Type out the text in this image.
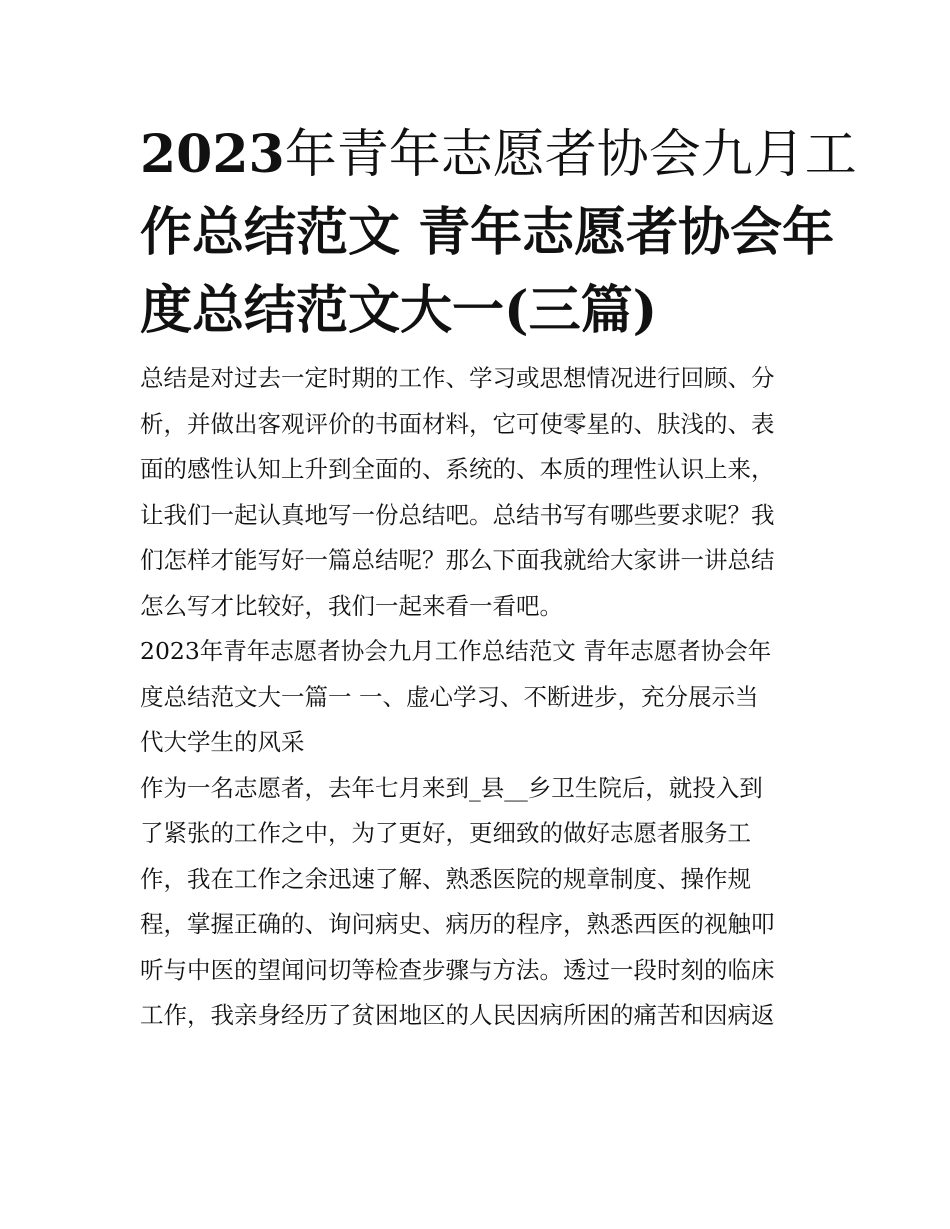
2023年青年志愿者协会九月工
作总结范文 青年志愿者协会年
度总结范文大一(三篇)
总结是对过去一定时期的工作、学习或思想情况进行回顾、分
析，并做出客观评价的书面材料，它可使零星的、肤浅的、表
面的感性认知上升到全面的、系统的、本质的理性认识上来，
让我们一起认真地写一份总结吧。总结书写有哪些要求呢？我
们怎样才能写好一篇总结呢？那么下面我就给大家讲一讲总结
怎么写才比较好，我们一起来看一看吧。
2023年青年志愿者协会九月工作总结范文 青年志愿者协会年
度总结范文大一篇一 一、虚心学习、不断进步，充分展示当
代大学生的风采
作为一名志愿者，去年七月来到_县__乡卫生院后，就投入到
了紧张的工作之中，为了更好，更细致的做好志愿者服务工
作，我在工作之余迅速了解、熟悉医院的规章制度、操作规
程，掌握正确的、询问病史、病历的程序，熟悉西医的视触叩
听与中医的望闻问切等检查步骤与方法。透过一段时刻的临床
工作，我亲身经历了贫困地区的人民因病所困的痛苦和因病返
